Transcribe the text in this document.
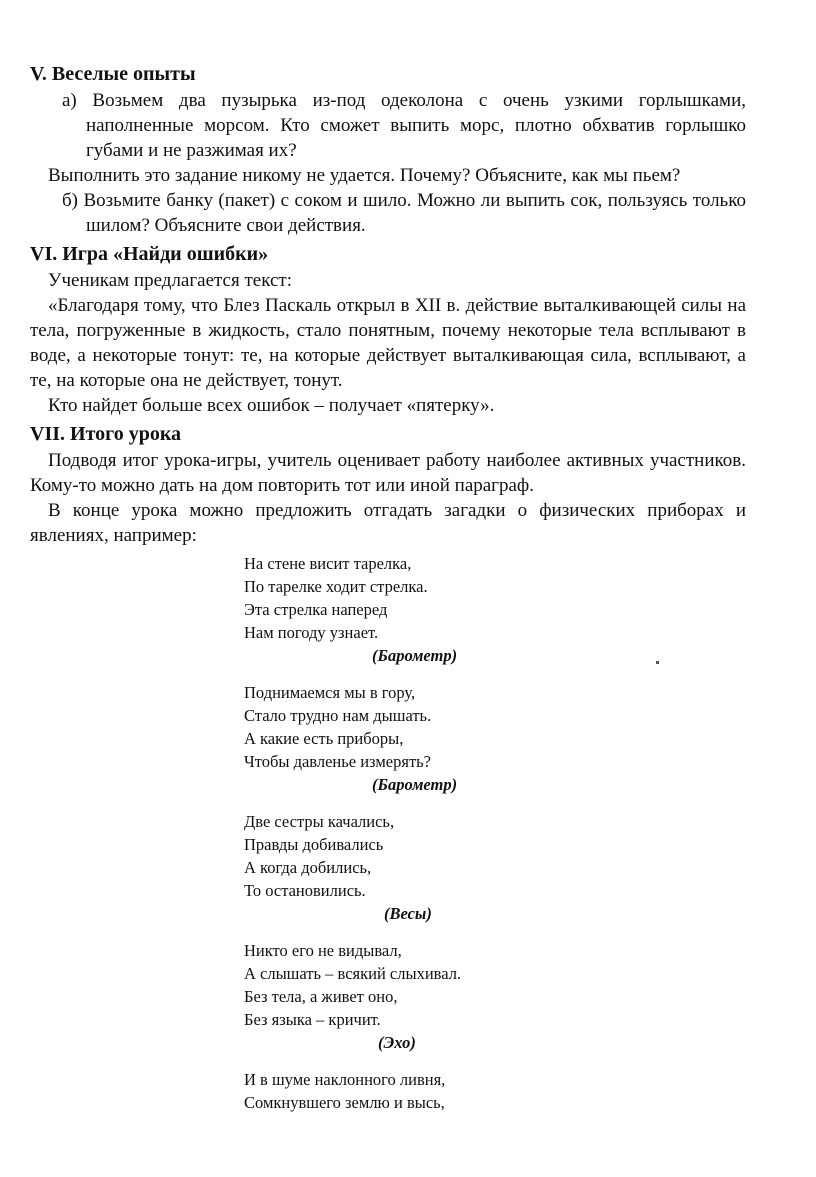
V. Веселые опыты

а) Возьмем два пузырька из-под одеколона с очень узкими горлышками, наполненные морсом. Кто сможет выпить морс, плотно обхватив горлышко губами и не разжимая их?

Выполнить это задание никому не удается. Почему? Объясните, как мы пьем?

б) Возьмите банку (пакет) с соком и шило. Можно ли выпить сок, пользуясь только шилом? Объясните свои действия.

VI. Игра «Найди ошибки»

Ученикам предлагается текст:

«Благодаря тому, что Блез Паскаль открыл в XII в. действие выталкивающей силы на тела, погруженные в жидкость, стало понятным, почему некоторые тела всплывают в воде, а некоторые тонут: те, на которые действует выталкивающая сила, всплывают, а те, на которые она не действует, тонут.

Кто найдет больше всех ошибок – получает «пятерку».

VII. Итого урока

Подводя итог урока-игры, учитель оценивает работу наиболее активных участников. Кому-то можно дать на дом повторить тот или иной параграф.

В конце урока можно предложить отгадать загадки о физических приборах и явлениях, например:

На стене висит тарелка,
По тарелке ходит стрелка.
Эта стрелка наперед
Нам погоду узнает.
(Барометр)
Поднимаемся мы в гору,
Стало трудно нам дышать.
А какие есть приборы,
Чтобы давленье измерять?
(Барометр)
Две сестры качались,
Правды добивались
А когда добились,
То остановились.
(Весы)
Никто его не видывал,
А слышать – всякий слыхивал.
Без тела, а живет оно,
Без языка – кричит.
(Эхо)
И в шуме наклонного ливня,
Сомкнувшего землю и высь,
